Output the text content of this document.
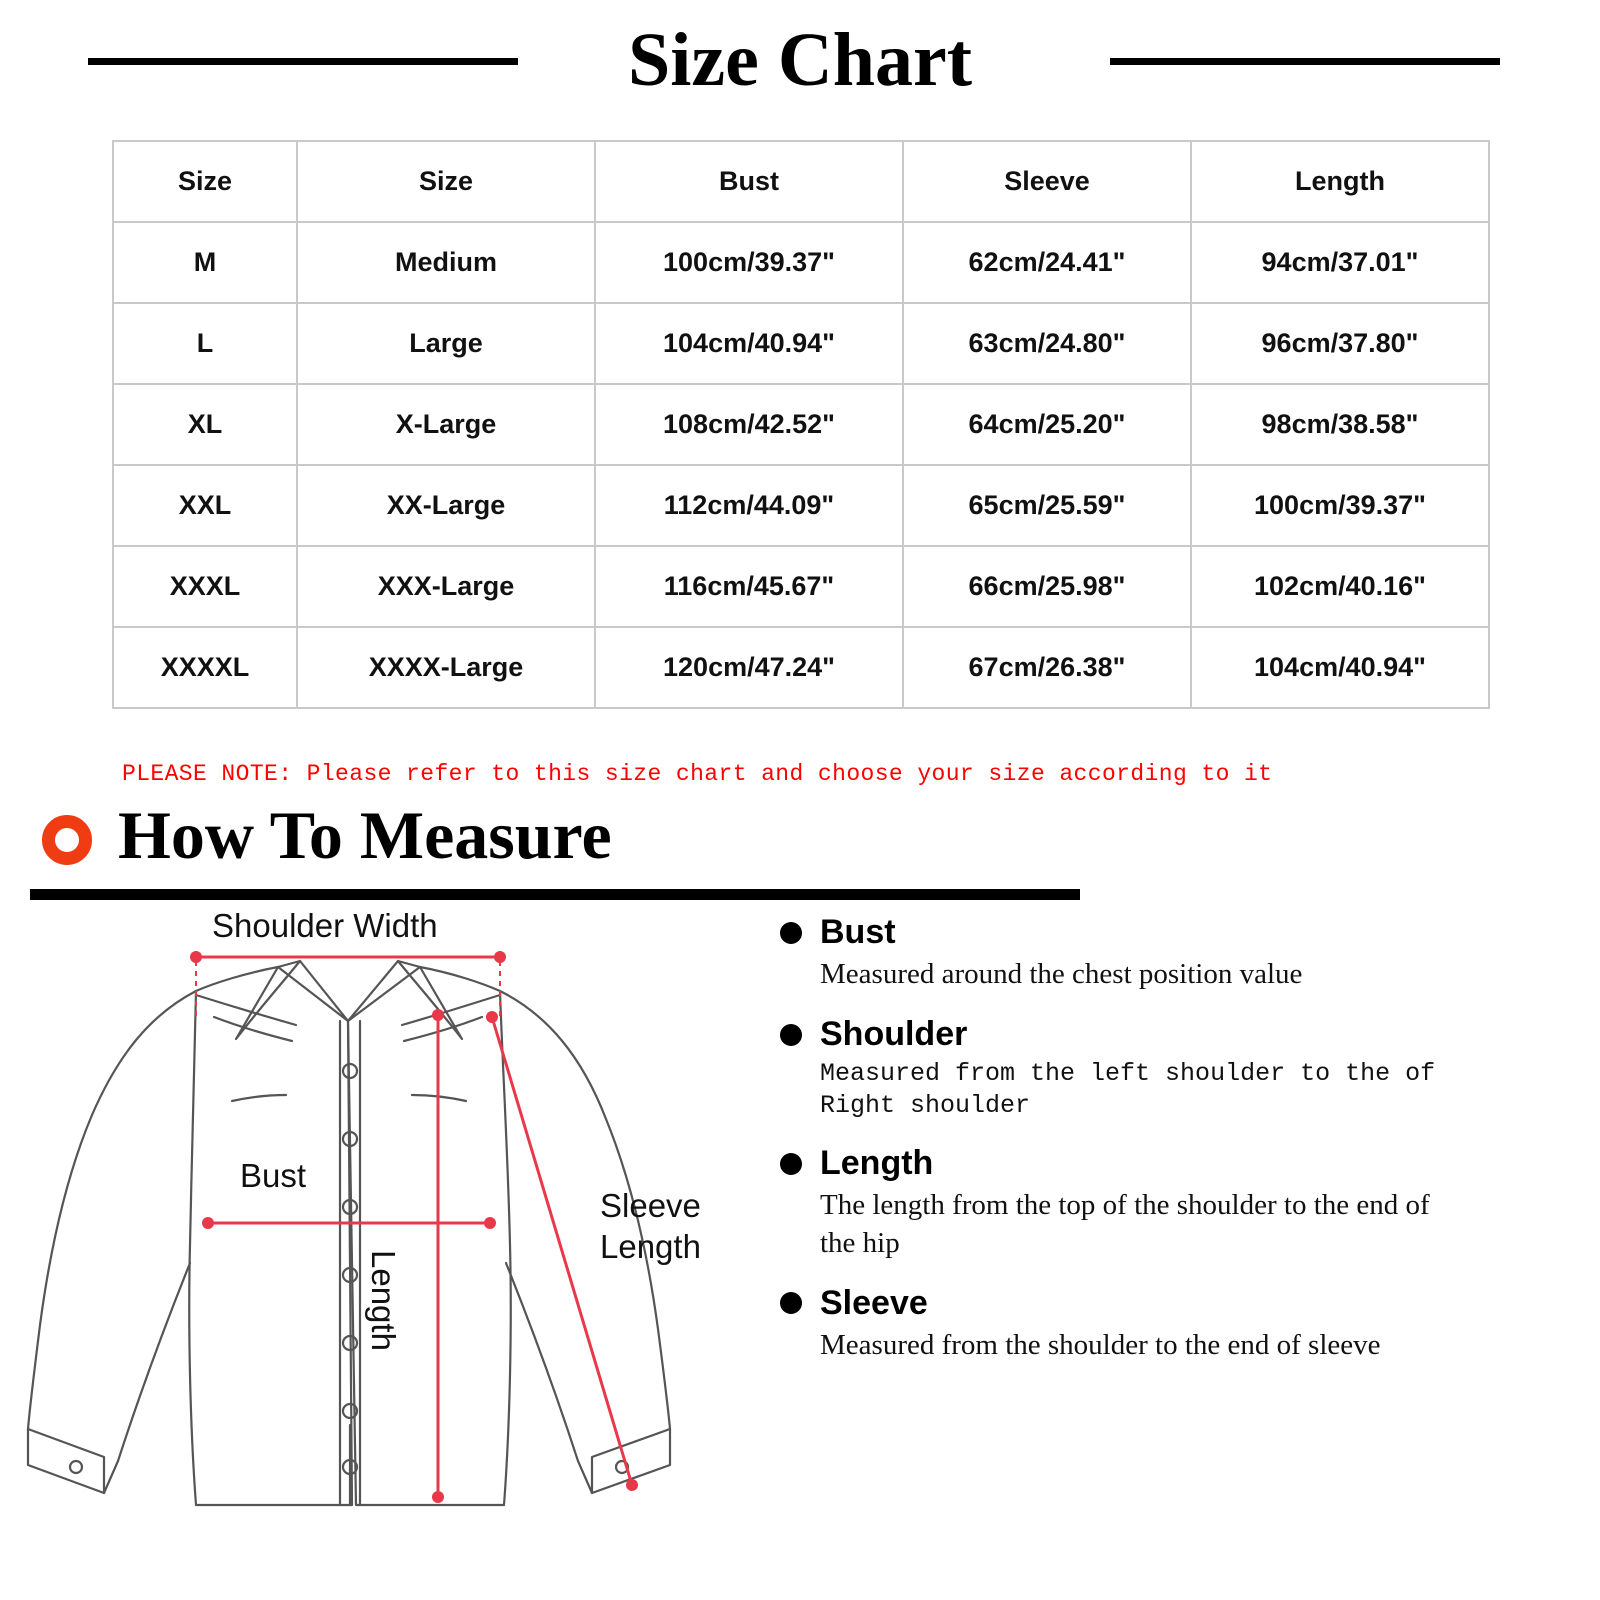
Size Chart
Size	Size	Bust	Sleeve	Length
M	Medium	100cm/39.37"	62cm/24.41"	94cm/37.01"
L	Large	104cm/40.94"	63cm/24.80"	96cm/37.80"
XL	X-Large	108cm/42.52"	64cm/25.20"	98cm/38.58"
XXL	XX-Large	112cm/44.09"	65cm/25.59"	100cm/39.37"
XXXL	XXX-Large	116cm/45.67"	66cm/25.98"	102cm/40.16"
XXXXL	XXXX-Large	120cm/47.24"	67cm/26.38"	104cm/40.94"
PLEASE NOTE: Please refer to this size chart and choose your size according to it
How To Measure
Shoulder Width
Bust
Sleeve
Length
Length
Bust
Measured around the chest position value
Shoulder
Measured from the left shoulder to the of Right shoulder
Length
The length from the top of the shoulder to the end of the hip
Sleeve
Measured from the shoulder to the end of sleeve
